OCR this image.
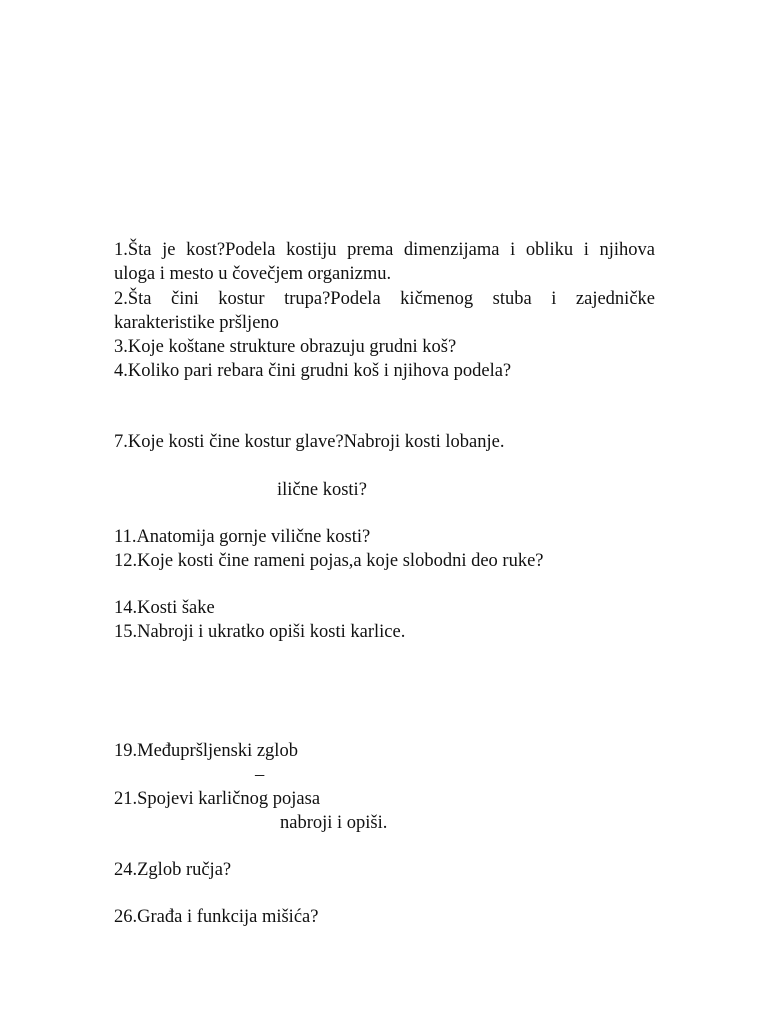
1.Šta je kost?Podela kostiju prema dimenzijama i obliku i njihova
uloga i mesto u čovečjem organizmu.
2.Šta čini kostur trupa?Podela kičmenog stuba i zajedničke
karakteristike pršljeno
3.Koje koštane strukture obrazuju grudni koš?
4.Koliko pari rebara čini grudni koš i njihova podela?
7.Koje kosti čine kostur glave?Nabroji kosti lobanje.
ilične kosti?
11.Anatomija gornje vilične kosti?
12.Koje kosti čine rameni pojas,a koje slobodni deo ruke?
14.Kosti šake
15.Nabroji i ukratko opiši kosti karlice.
19.Međupršljenski zglob
–
21.Spojevi karličnog pojasa
nabroji i opiši.
24.Zglob ručja?
26.Građa i funkcija mišića?
